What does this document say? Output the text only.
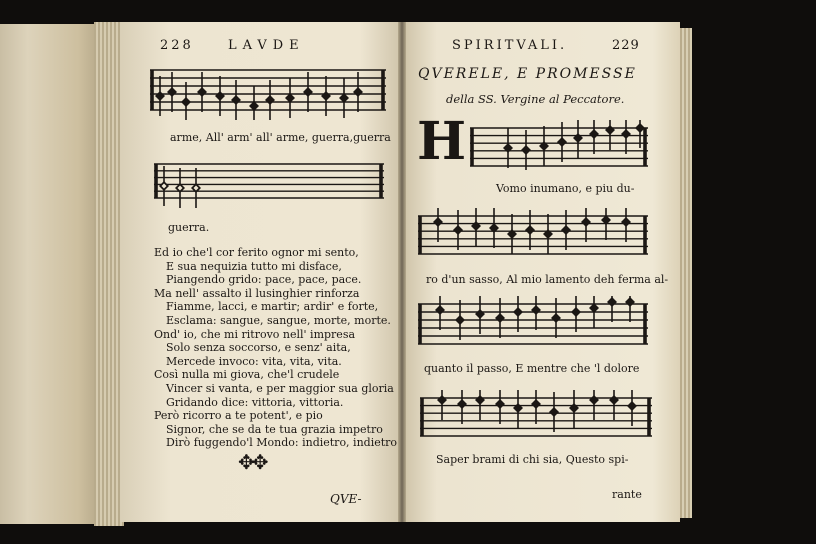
228	LAVDE
arme, All' arm' all' arme, guerra,guerra
guerra.
Ed io che'l cor ferito ognor mi sento,
E sua nequizia tutto mi disface,
Piangendo grido: pace, pace, pace.
Ma nell' assalto il lusinghier rinforza
Fiamme, lacci, e martir; ardir' e forte,
Esclama: sangue, sangue, morte, morte.
Ond' io, che mi ritrovo nell' impresa
Solo senza soccorso, e senz' aita,
Mercede invoco: vita, vita, vita.
Così nulla mi giova, che'l crudele
Vincer si vanta, e per maggior sua gloria
Gridando dice: vittoria, vittoria.
Però ricorro a te potent', e pio
Signor, che se da te tua grazia impetro
Dirò fuggendo'l Mondo: indietro, indietro
✥✥
QVE-
SPIRITVALI.	229
QVERELE, E PROMESSE
della SS. Vergine al Peccatore.
H
Vomo inumano, e piu du-
ro d'un sasso, Al mio lamento deh ferma al-
quanto il passo, E mentre che 'l dolore
Saper brami di chi sia, Questo spi-
rante
